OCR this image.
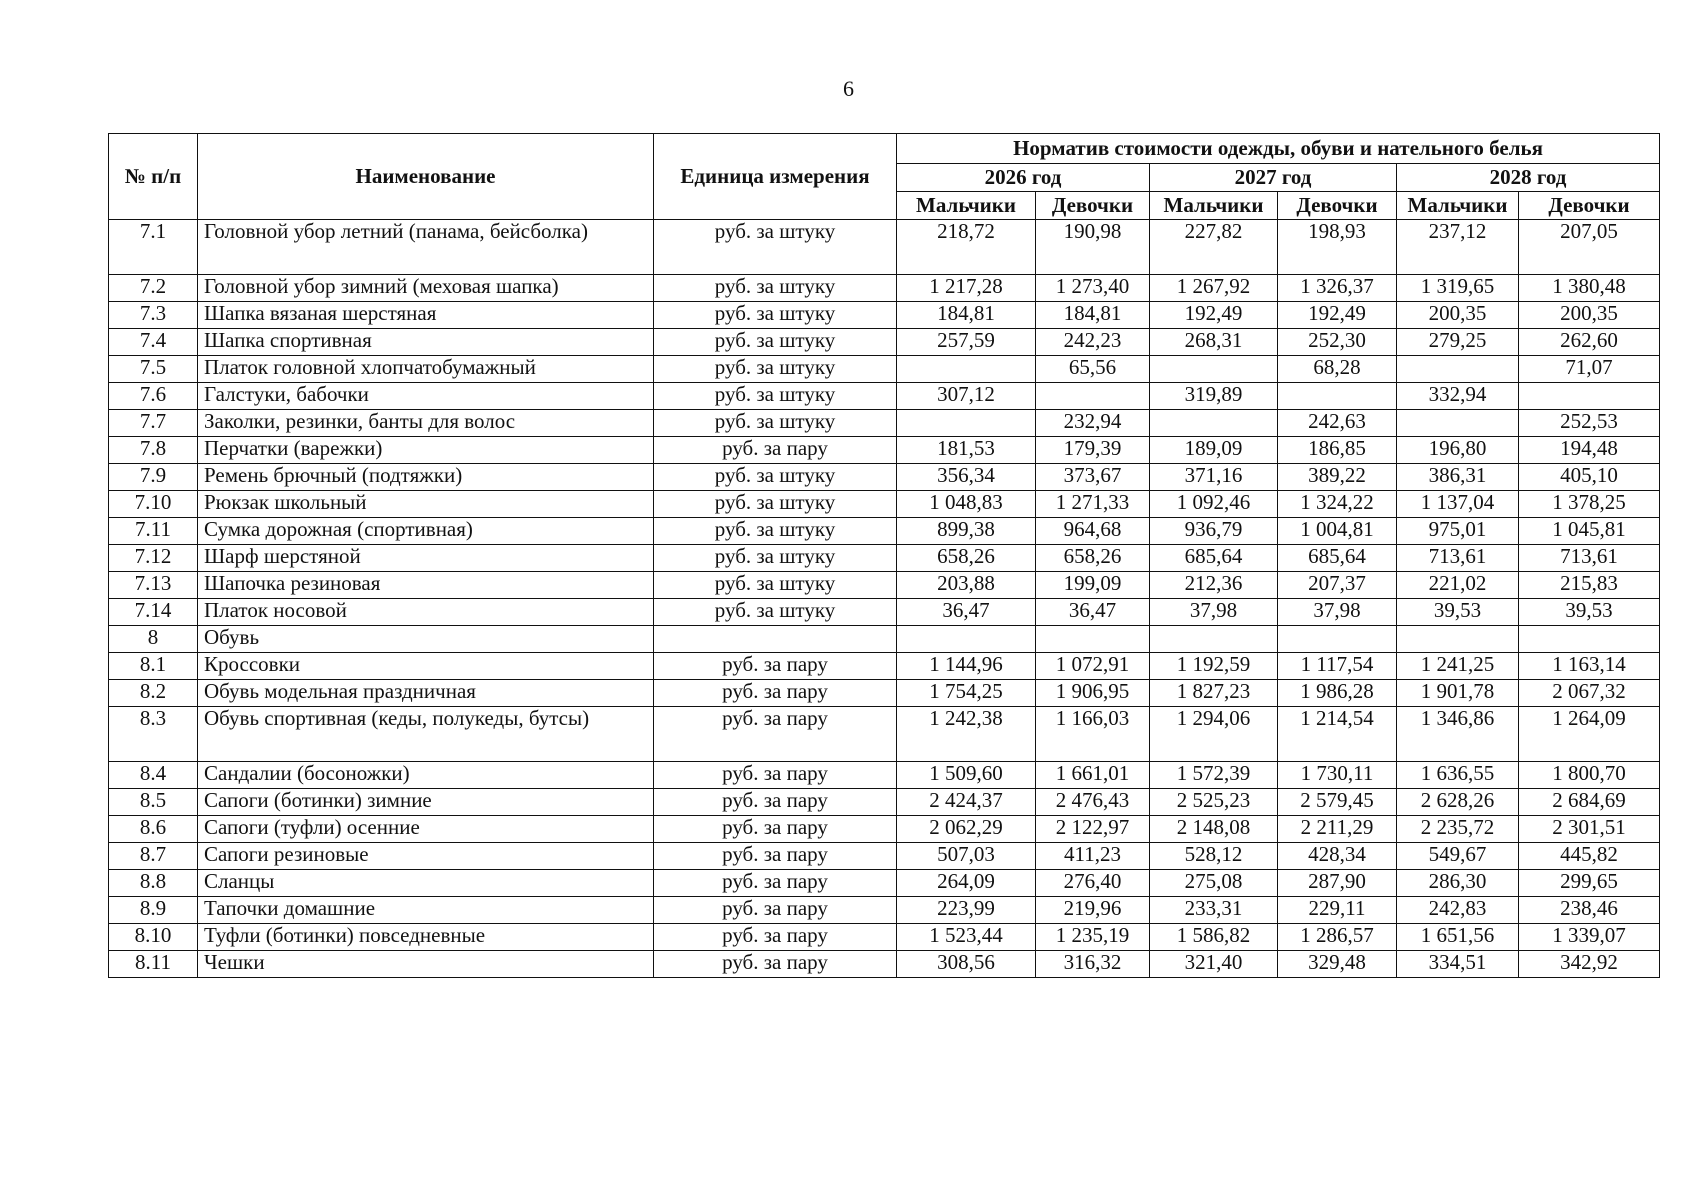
6
№ п/п	Наименование	Единица измерения	Норматив стоимости одежды, обуви и нательного белья					
			2026 год		2027 год		2028 год	
			Мальчики	Девочки	Мальчики	Девочки	Мальчики	Девочки
7.1	Головной убор летний (панама, бейсболка)	руб. за штуку	218,72	190,98	227,82	198,93	237,12	207,05
7.2	Головной убор зимний (меховая шапка)	руб. за штуку	1 217,28	1 273,40	1 267,92	1 326,37	1 319,65	1 380,48
7.3	Шапка вязаная шерстяная	руб. за штуку	184,81	184,81	192,49	192,49	200,35	200,35
7.4	Шапка спортивная	руб. за штуку	257,59	242,23	268,31	252,30	279,25	262,60
7.5	Платок головной хлопчатобумажный	руб. за штуку		65,56		68,28		71,07
7.6	Галстуки, бабочки	руб. за штуку	307,12		319,89		332,94	
7.7	Заколки, резинки, банты для волос	руб. за штуку		232,94		242,63		252,53
7.8	Перчатки (варежки)	руб. за пару	181,53	179,39	189,09	186,85	196,80	194,48
7.9	Ремень брючный (подтяжки)	руб. за штуку	356,34	373,67	371,16	389,22	386,31	405,10
7.10	Рюкзак школьный	руб. за штуку	1 048,83	1 271,33	1 092,46	1 324,22	1 137,04	1 378,25
7.11	Сумка дорожная (спортивная)	руб. за штуку	899,38	964,68	936,79	1 004,81	975,01	1 045,81
7.12	Шарф шерстяной	руб. за штуку	658,26	658,26	685,64	685,64	713,61	713,61
7.13	Шапочка резиновая	руб. за штуку	203,88	199,09	212,36	207,37	221,02	215,83
7.14	Платок носовой	руб. за штуку	36,47	36,47	37,98	37,98	39,53	39,53
8	Обувь							
8.1	Кроссовки	руб. за пару	1 144,96	1 072,91	1 192,59	1 117,54	1 241,25	1 163,14
8.2	Обувь модельная праздничная	руб. за пару	1 754,25	1 906,95	1 827,23	1 986,28	1 901,78	2 067,32
8.3	Обувь спортивная (кеды, полукеды, бутсы)	руб. за пару	1 242,38	1 166,03	1 294,06	1 214,54	1 346,86	1 264,09
8.4	Сандалии (босоножки)	руб. за пару	1 509,60	1 661,01	1 572,39	1 730,11	1 636,55	1 800,70
8.5	Сапоги (ботинки) зимние	руб. за пару	2 424,37	2 476,43	2 525,23	2 579,45	2 628,26	2 684,69
8.6	Сапоги (туфли) осенние	руб. за пару	2 062,29	2 122,97	2 148,08	2 211,29	2 235,72	2 301,51
8.7	Сапоги резиновые	руб. за пару	507,03	411,23	528,12	428,34	549,67	445,82
8.8	Сланцы	руб. за пару	264,09	276,40	275,08	287,90	286,30	299,65
8.9	Тапочки домашние	руб. за пару	223,99	219,96	233,31	229,11	242,83	238,46
8.10	Туфли (ботинки) повседневные	руб. за пару	1 523,44	1 235,19	1 586,82	1 286,57	1 651,56	1 339,07
8.11	Чешки	руб. за пару	308,56	316,32	321,40	329,48	334,51	342,92
